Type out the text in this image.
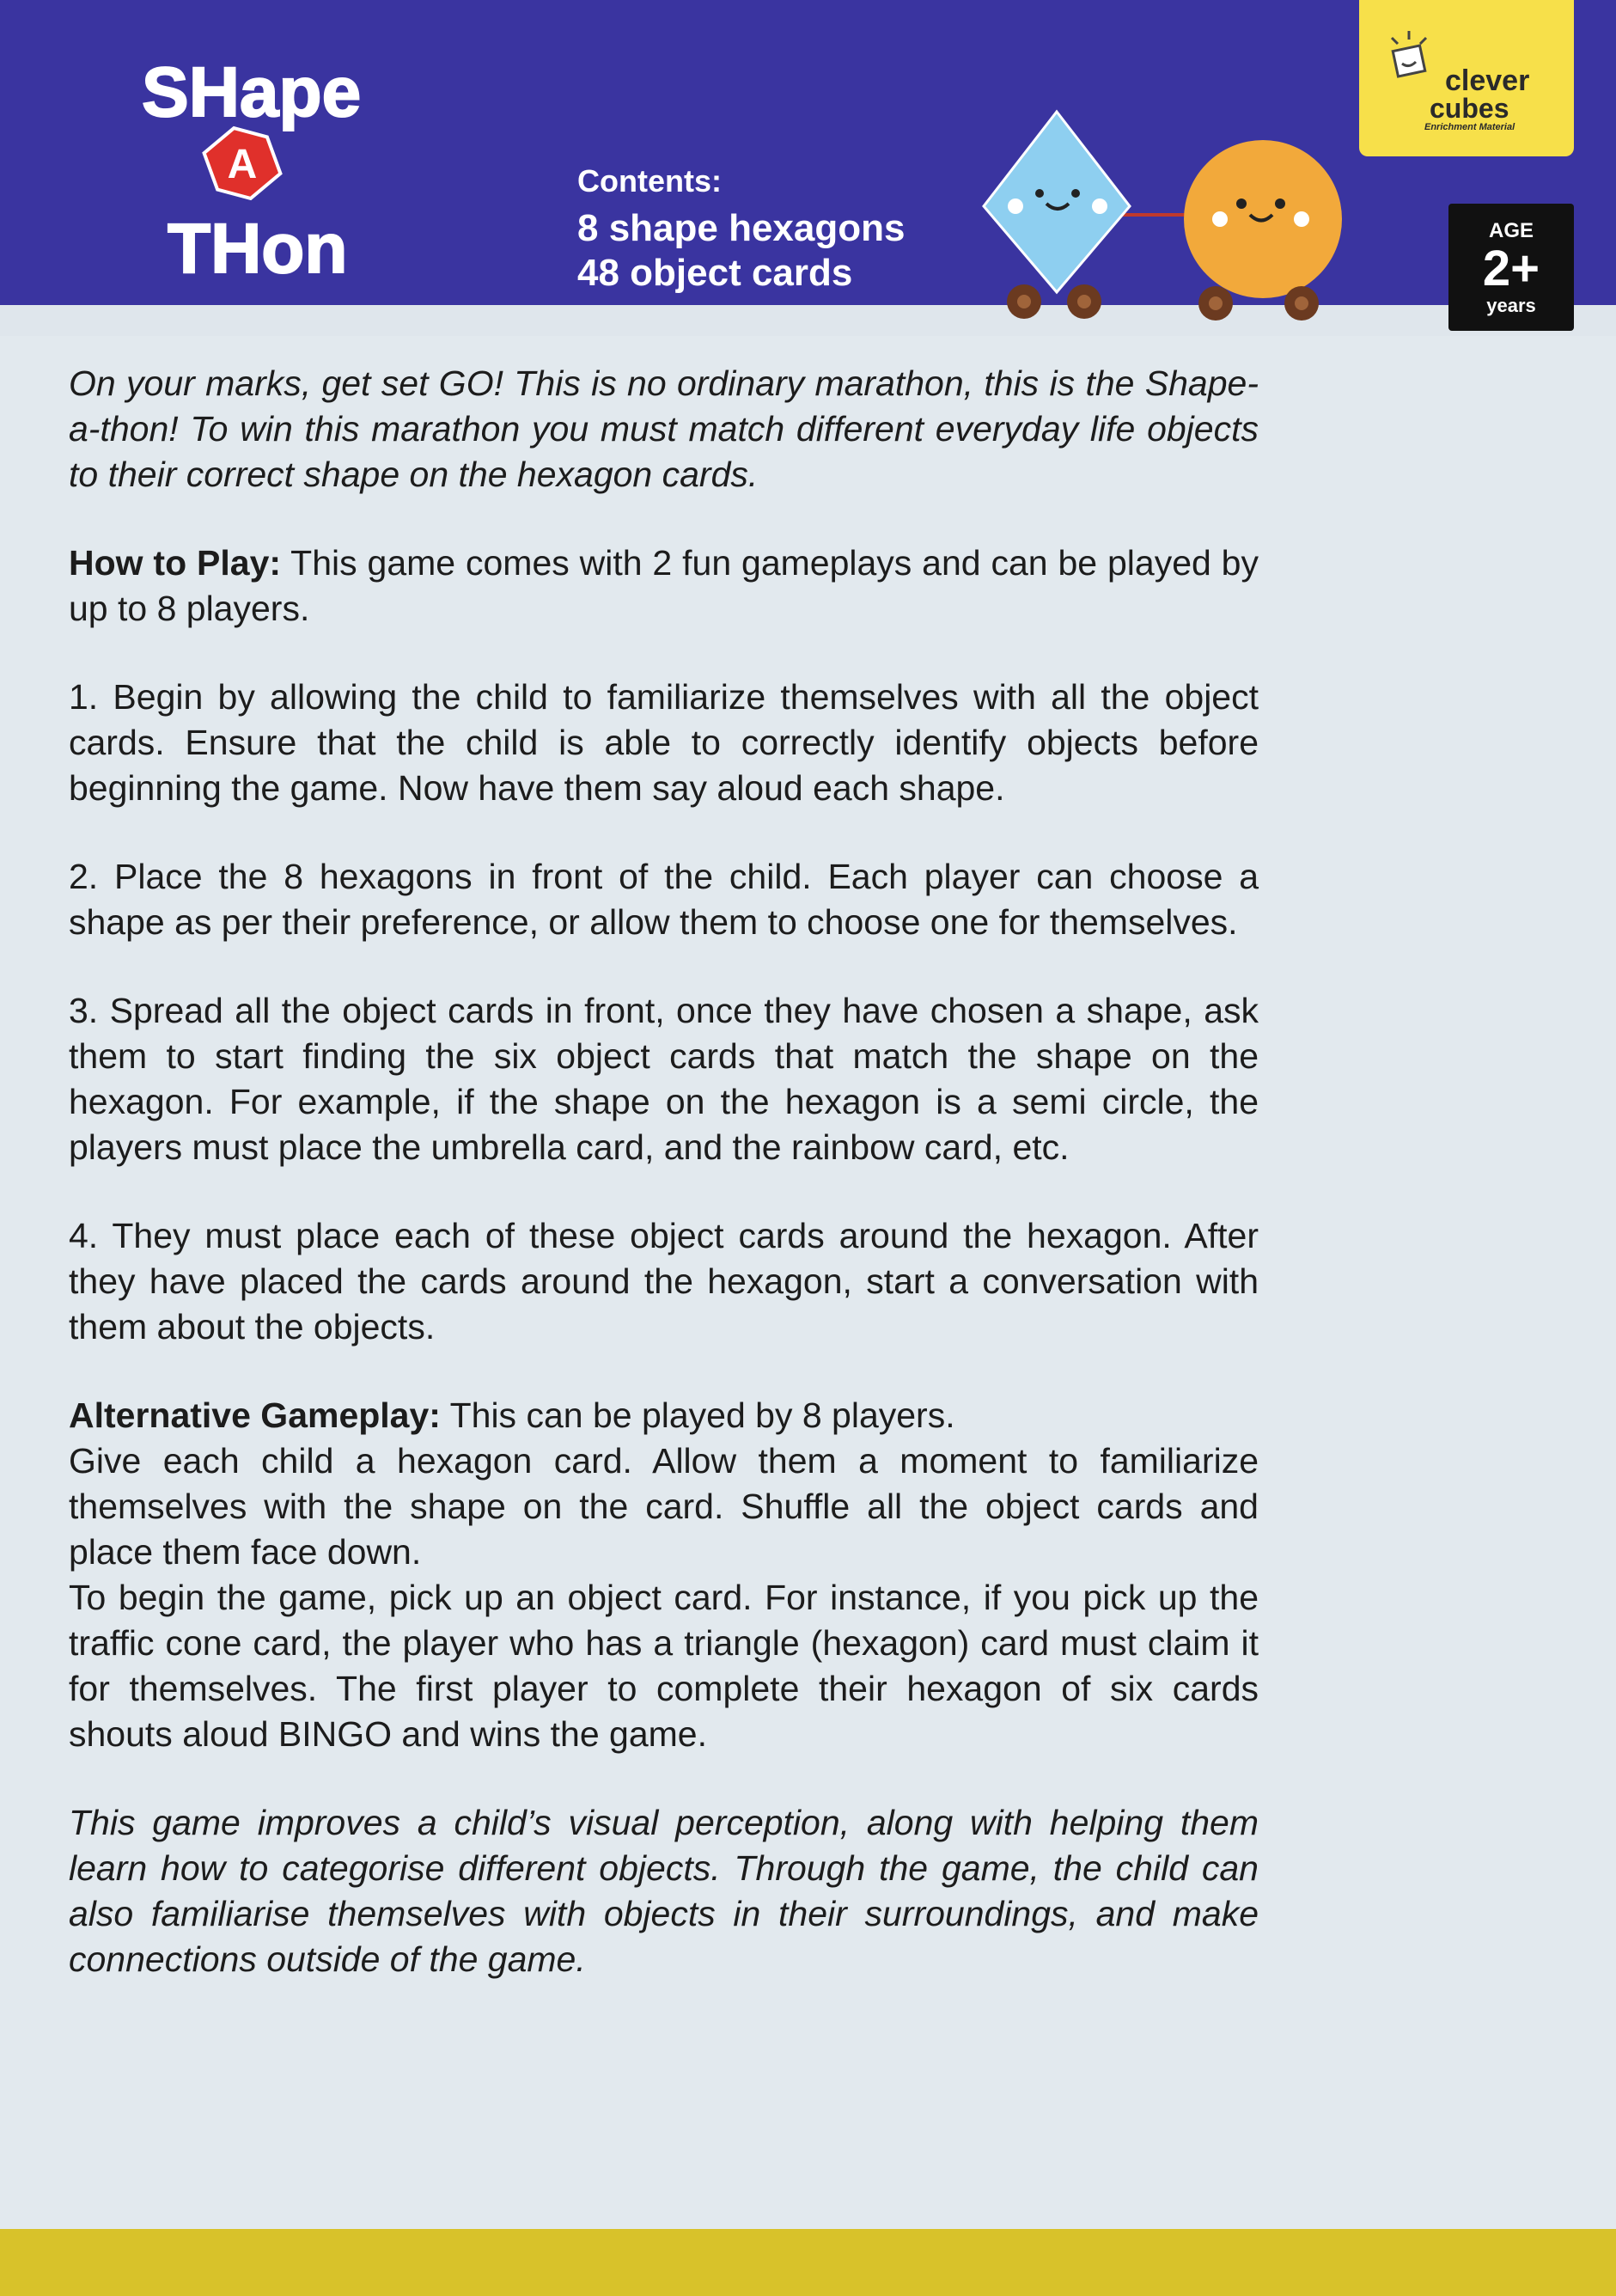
SHape
A
THon
Contents:
8 shape hexagons
48 object cards
clever
cubes
Enrichment Material
AGE
2+
years

On your marks, get set GO! This is no ordinary marathon, this is the Shape-a-thon! To win this marathon you must match different everyday life objects to their correct shape on the hexagon cards.

How to Play: This game comes with 2 fun gameplays and can be played by up to 8 players.

1. Begin by allowing the child to familiarize themselves with all the object cards. Ensure that the child is able to correctly identify objects before beginning the game. Now have them say aloud each shape.

2. Place the 8 hexagons in front of the child. Each player can choose a shape as per their preference, or allow them to choose one for themselves.

3. Spread all the object cards in front, once they have chosen a shape, ask them to start finding the six object cards that match the shape on the hexagon. For example, if the shape on the hexagon is a semi circle, the players must place the umbrella card, and the rainbow card, etc.

4. They must place each of these object cards around the hexagon. After they have placed the cards around the hexagon, start a conversation with them about the objects.

Alternative Gameplay: This can be played by 8 players.

Give each child a hexagon card. Allow them a moment to familiarize themselves with the shape on the card. Shuffle all the object cards and place them face down.

To begin the game, pick up an object card. For instance, if you pick up the traffic cone card, the player who has a triangle (hexagon) card must claim it for themselves. The first player to complete their hexagon of six cards shouts aloud BINGO and wins the game.

This game improves a child’s visual perception, along with helping them learn how to categorise different objects. Through the game, the child can also familiarise themselves with objects in their surroundings, and make connections outside of the game.
